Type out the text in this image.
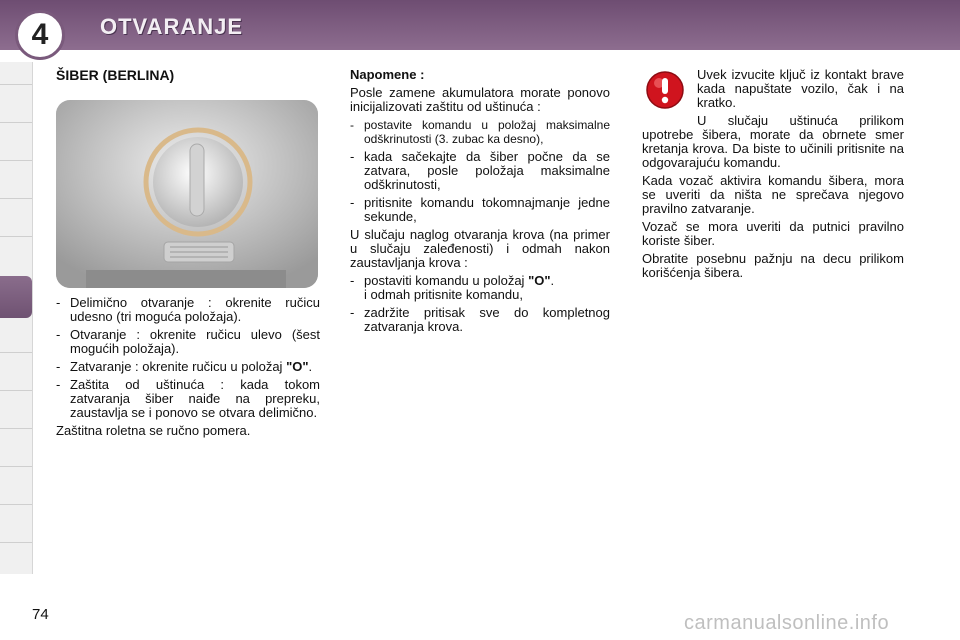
4 OTVARANJE
ŠIBER (BERLINA)

- Delimično otvaranje : okrenite ručicu udesno (tri moguća položaja).

- Otvaranje : okrenite ručicu ulevo (šest mogućih položaja).

- Zatvaranje : okrenite ručicu u položaj "O".

- Zaštita od uštinuća : kada tokom zatvaranja šiber naiđe na prepreku, zaustavlja se i ponovo se otvara delimično.

Zaštitna roletna se ručno pomera.

Napomene :

Posle zamene akumulatora morate ponovo inicijalizovati zaštitu od uštinuća :

- postavite komandu u položaj maksimalne odškrinutosti (3. zubac ka desno),

- kada sačekajte da šiber počne da se zatvara, posle položaja maksimalne odškrinutosti,

- pritisnite komandu tokomnajmanje jedne sekunde,

U slučaju naglog otvaranja krova (na primer u slučaju zaleđenosti) i odmah nakon zaustavljanja krova :

- postaviti komandu u položaj "O".
i odmah pritisnite komandu,

- zadržite pritisak sve do kompletnog zatvaranja krova.

Uvek izvucite ključ iz kontakt brave kada napuštate vozilo, čak i na kratko.

U slučaju uštinuća prilikom upotrebe šibera, morate da obrnete smer kretanja krova. Da biste to učinili pritisnite na odgovarajuću komandu.

Kada vozač aktivira komandu šibera, mora se uveriti da ništa ne sprečava njegovo pravilno zatvaranje.

Vozač se mora uveriti da putnici pravilno koriste šiber.

Obratite posebnu pažnju na decu prilikom korišćenja šibera.

74	carmanualsonline.info
